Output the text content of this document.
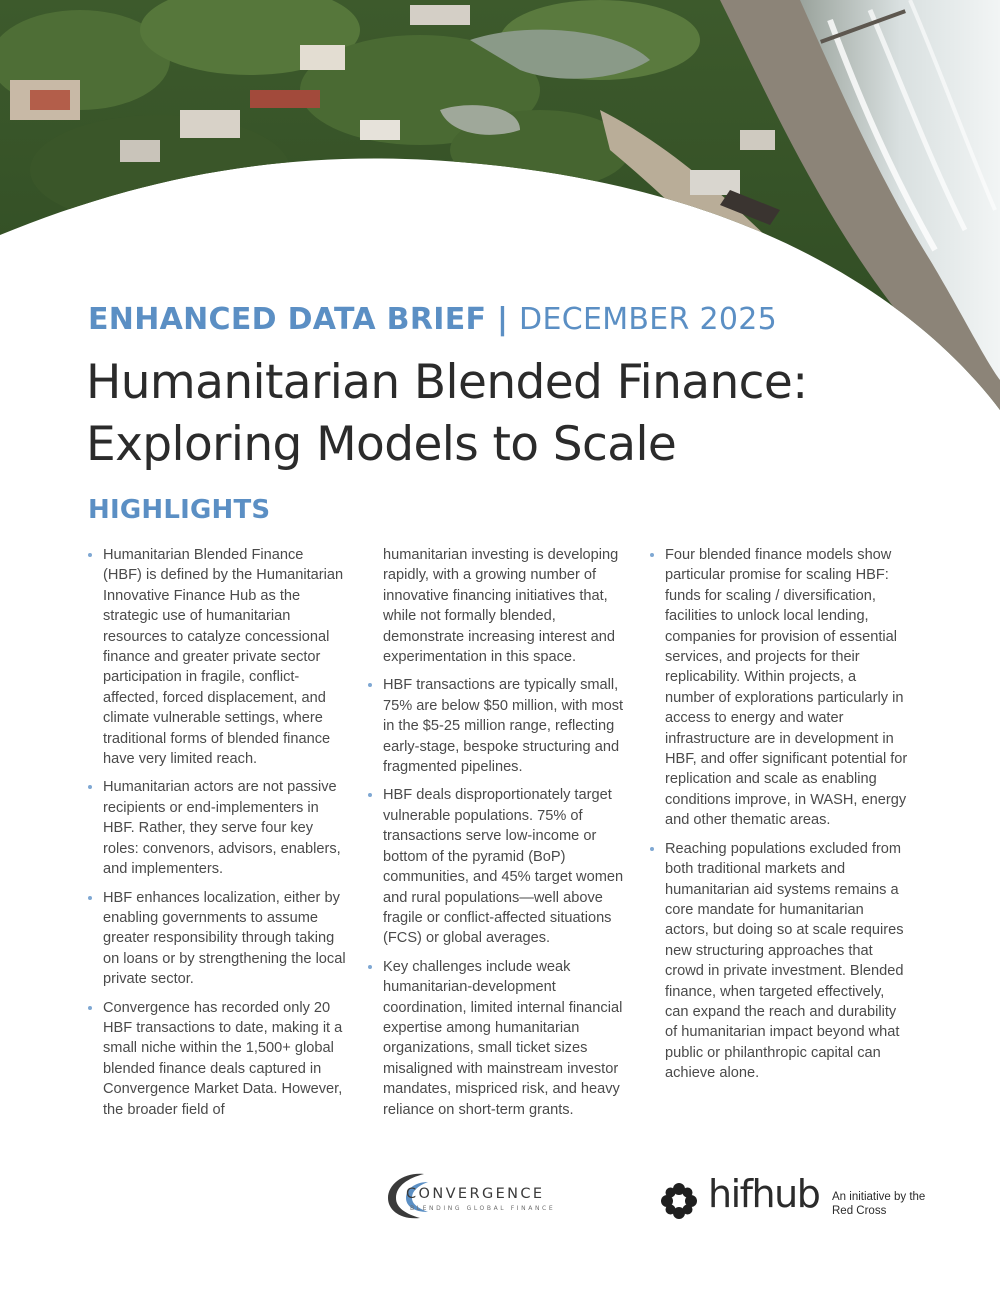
ENHANCED DATA BRIEF | DECEMBER 2025
Humanitarian Blended Finance:
Exploring Models to Scale
HIGHLIGHTS
Humanitarian Blended Finance (HBF) is defined by the Humanitarian Innovative Finance Hub as the strategic use of humanitarian resources to catalyze concessional finance and greater private sector participation in fragile, conflict-affected, forced displacement, and climate vulnerable settings, where traditional forms of blended finance have very limited reach.
Humanitarian actors are not passive recipients or end-implementers in HBF. Rather, they serve four key roles: convenors, advisors, enablers, and implementers.
HBF enhances localization, either by enabling governments to assume greater responsibility through taking on loans or by strengthening the local private sector.
Convergence has recorded only 20 HBF transactions to date, making it a small niche within the 1,500+ global blended finance deals captured in Convergence Market Data. However, the broader field of

humanitarian investing is developing rapidly, with a growing number of innovative financing initiatives that, while not formally blended, demonstrate increasing interest and experimentation in this space.

HBF transactions are typically small, 75% are below $50 million, with most in the $5-25 million range, reflecting early-stage, bespoke structuring and fragmented pipelines.
HBF deals disproportionately target vulnerable populations. 75% of transactions serve low-income or bottom of the pyramid (BoP) communities, and 45% target women and rural populations—well above fragile or conflict-affected situations (FCS) or global averages.
Key challenges include weak humanitarian-development coordination, limited internal financial expertise among humanitarian organizations, small ticket sizes misaligned with mainstream investor mandates, mispriced risk, and heavy reliance on short-term grants.
Four blended finance models show particular promise for scaling HBF: funds for scaling / diversification, facilities to unlock local lending, companies for provision of essential services, and projects for their replicability. Within projects, a number of explorations particularly in access to energy and water infrastructure are in development in HBF, and offer significant potential for replication and scale as enabling conditions improve, in WASH, energy and other thematic areas.
Reaching populations excluded from both traditional markets and humanitarian aid systems remains a core mandate for humanitarian actors, but doing so at scale requires new structuring approaches that crowd in private investment. Blended finance, when targeted effectively, can expand the reach and durability of humanitarian impact beyond what public or philanthropic capital can achieve alone.
CONVERGENCE
BLENDING GLOBAL FINANCE	hifhub An initiative by the Red Cross
